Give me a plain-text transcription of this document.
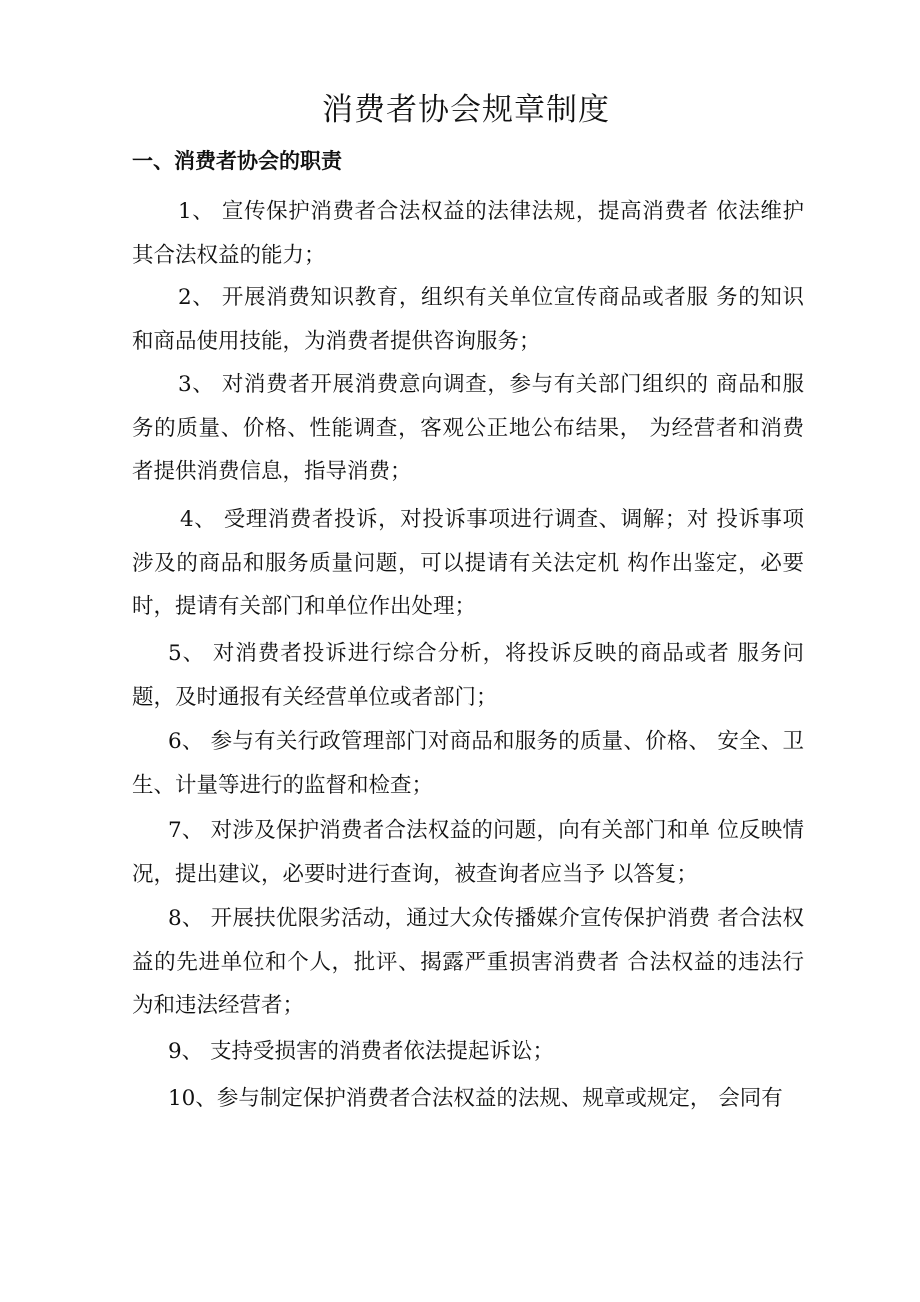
消费者协会规章制度
一、消费者协会的职责

1、 宣传保护消费者合法权益的法律法规，提高消费者 依法维护其合法权益的能力；

2、 开展消费知识教育，组织有关单位宣传商品或者服 务的知识和商品使用技能，为消费者提供咨询服务；

3、 对消费者开展消费意向调查，参与有关部门组织的 商品和服务的质量、价格、性能调查，客观公正地公布结果， 为经营者和消费者提供消费信息，指导消费；

4、 受理消费者投诉，对投诉事项进行调查、调解；对 投诉事项涉及的商品和服务质量问题，可以提请有关法定机 构作出鉴定，必要时，提请有关部门和单位作出处理；

5、 对消费者投诉进行综合分析，将投诉反映的商品或者 服务问题，及时通报有关经营单位或者部门；

6、 参与有关行政管理部门对商品和服务的质量、价格、 安全、卫生、计量等进行的监督和检查；

7、 对涉及保护消费者合法权益的问题，向有关部门和单 位反映情况，提出建议，必要时进行查询，被查询者应当予 以答复；

8、 开展扶优限劣活动，通过大众传播媒介宣传保护消费 者合法权益的先进单位和个人，批评、揭露严重损害消费者 合法权益的违法行为和违法经营者；

9、 支持受损害的消费者依法提起诉讼；

10、参与制定保护消费者合法权益的法规、规章或规定， 会同有
